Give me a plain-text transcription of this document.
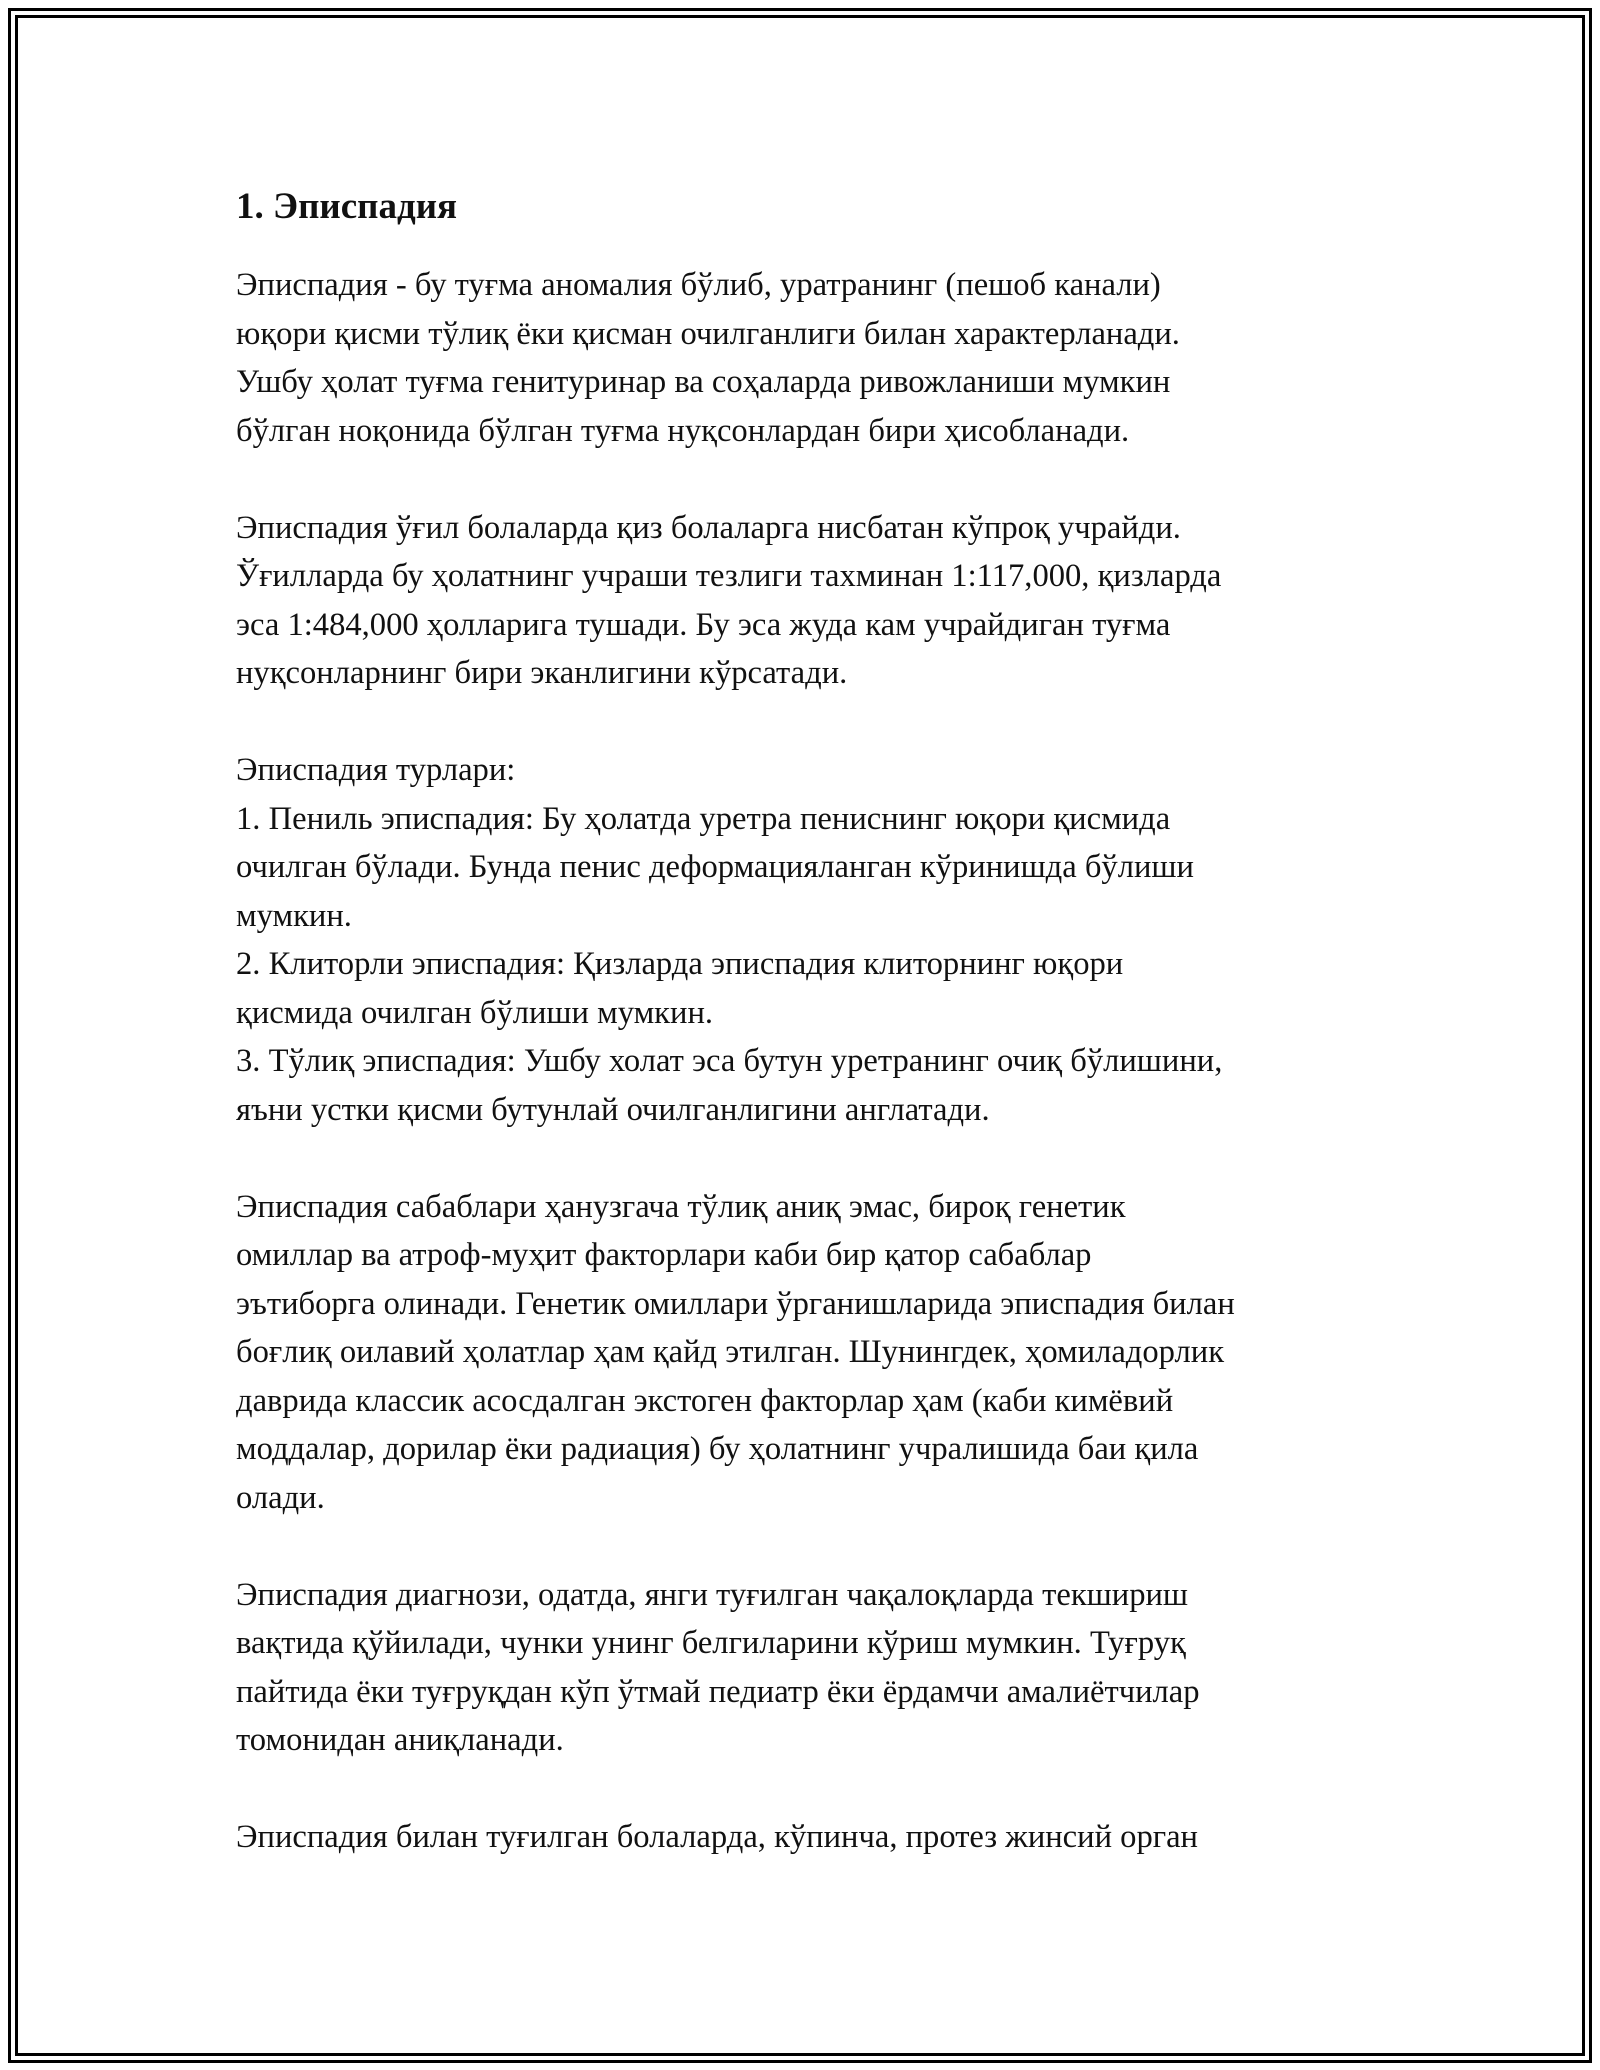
1. Эписпадия
Эписпадия - бу туғма аномалия бўлиб, уратранинг (пешоб канали)
юқори қисми тўлиқ ёки қисман очилганлиги билан характерланади.
Ушбу ҳолат туғма генитуринар ва соҳаларда ривожланиши мумкин
бўлган ноқонида бўлган туғма нуқсонлардан бири ҳисобланади.
Эписпадия ўғил болаларда қиз болаларга нисбатан кўпроқ учрайди.
Ўғилларда бу ҳолатнинг учраши тезлиги тахминан 1:117,000, қизларда
эса 1:484,000 ҳолларига тушади. Бу эса жуда кам учрайдиган туғма
нуқсонларнинг бири эканлигини кўрсатади.
Эписпадия турлари:
1. Пениль эписпадия: Бу ҳолатда уретра пениснинг юқори қисмида
очилган бўлади. Бунда пенис деформацияланган кўринишда бўлиши
мумкин.
2. Клиторли эписпадия: Қизларда эписпадия клиторнинг юқори
қисмида очилган бўлиши мумкин.
3. Тўлиқ эписпадия: Ушбу холат эса бутун уретранинг очиқ бўлишини,
яъни устки қисми бутунлай очилганлигини англатади.
Эписпадия сабаблари ҳанузгача тўлиқ аниқ эмас, бироқ генетик
омиллар ва атроф-муҳит факторлари каби бир қатор сабаблар
эътиборга олинади. Генетик омиллари ўрганишларида эписпадия билан
боғлиқ оилавий ҳолатлар ҳам қайд этилган. Шунингдек, ҳомиладорлик
даврида классик асосдалган экстоген факторлар ҳам (каби кимёвий
моддалар, дорилар ёки радиация) бу ҳолатнинг учралишида баи қила
олади.
Эписпадия диагнози, одатда, янги туғилган чақалоқларда текшириш
вақтида қўйилади, чунки унинг белгиларини кўриш мумкин. Туғруқ
пайтида ёки туғруқдан кўп ўтмай педиатр ёки ёрдамчи амалиётчилар
томонидан аниқланади.
Эписпадия билан туғилган болаларда, кўпинча, протез жинсий орган
